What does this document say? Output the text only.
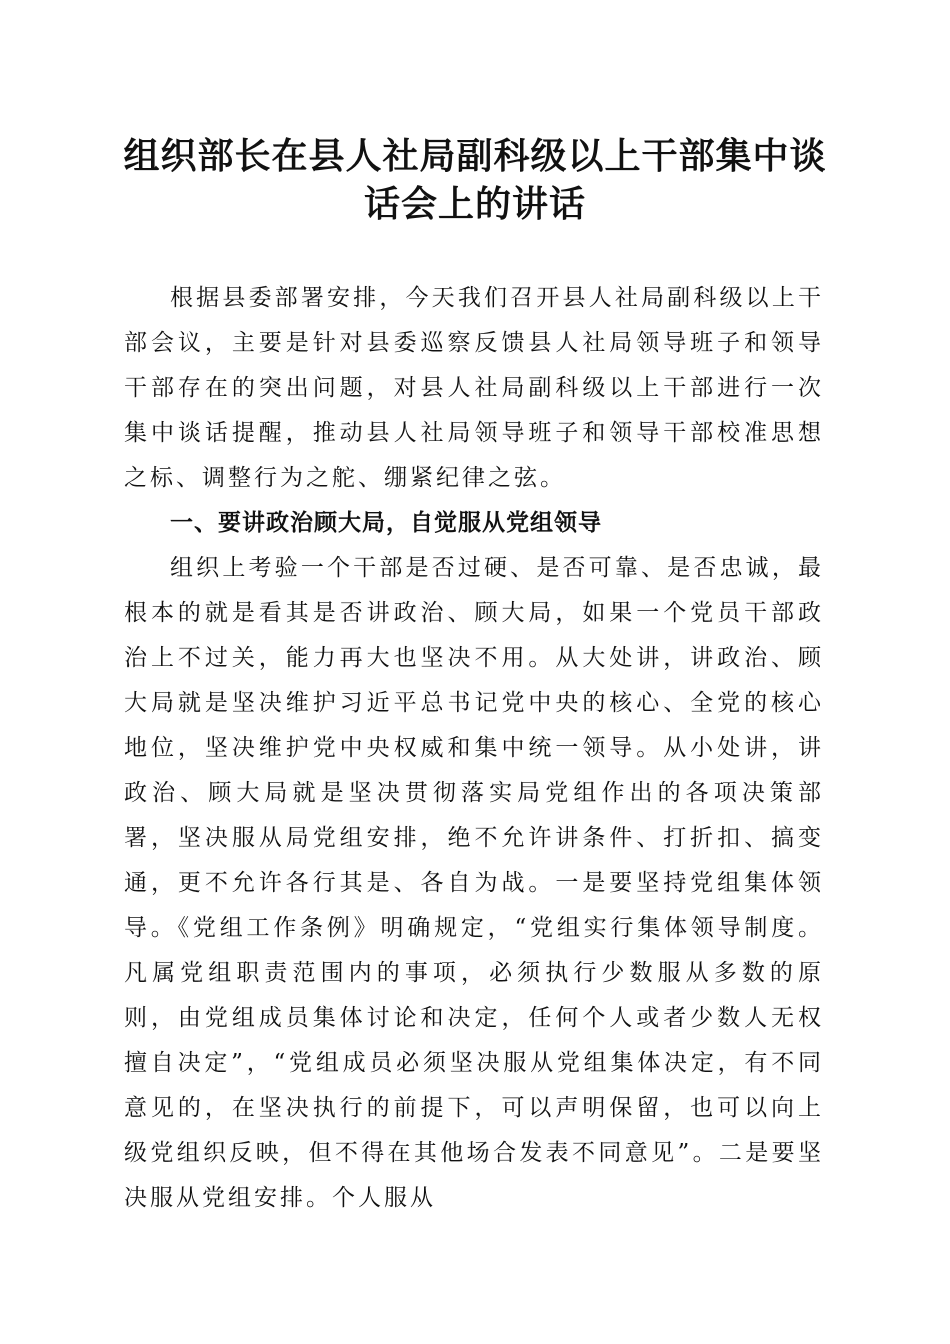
组织部长在县人社局副科级以上干部集中谈话会上的讲话

根据县委部署安排，今天我们召开县人社局副科级以上干部会议，主要是针对县委巡察反馈县人社局领导班子和领导干部存在的突出问题，对县人社局副科级以上干部进行一次集中谈话提醒，推动县人社局领导班子和领导干部校准思想之标、调整行为之舵、绷紧纪律之弦。

一、要讲政治顾大局，自觉服从党组领导

组织上考验一个干部是否过硬、是否可靠、是否忠诚，最根本的就是看其是否讲政治、顾大局，如果一个党员干部政治上不过关，能力再大也坚决不用。从大处讲，讲政治、顾大局就是坚决维护习近平总书记党中央的核心、全党的核心地位，坚决维护党中央权威和集中统一领导。从小处讲，讲政治、顾大局就是坚决贯彻落实局党组作出的各项决策部署，坚决服从局党组安排，绝不允许讲条件、打折扣、搞变通，更不允许各行其是、各自为战。一是要坚持党组集体领导。《党组工作条例》明确规定，“党组实行集体领导制度。凡属党组职责范围内的事项，必须执行少数服从多数的原则，由党组成员集体讨论和决定，任何个人或者少数人无权擅自决定”，“党组成员必须坚决服从党组集体决定，有不同意见的，在坚决执行的前提下，可以声明保留，也可以向上级党组织反映，但不得在其他场合发表不同意见”。二是要坚决服从党组安排。个人服从
